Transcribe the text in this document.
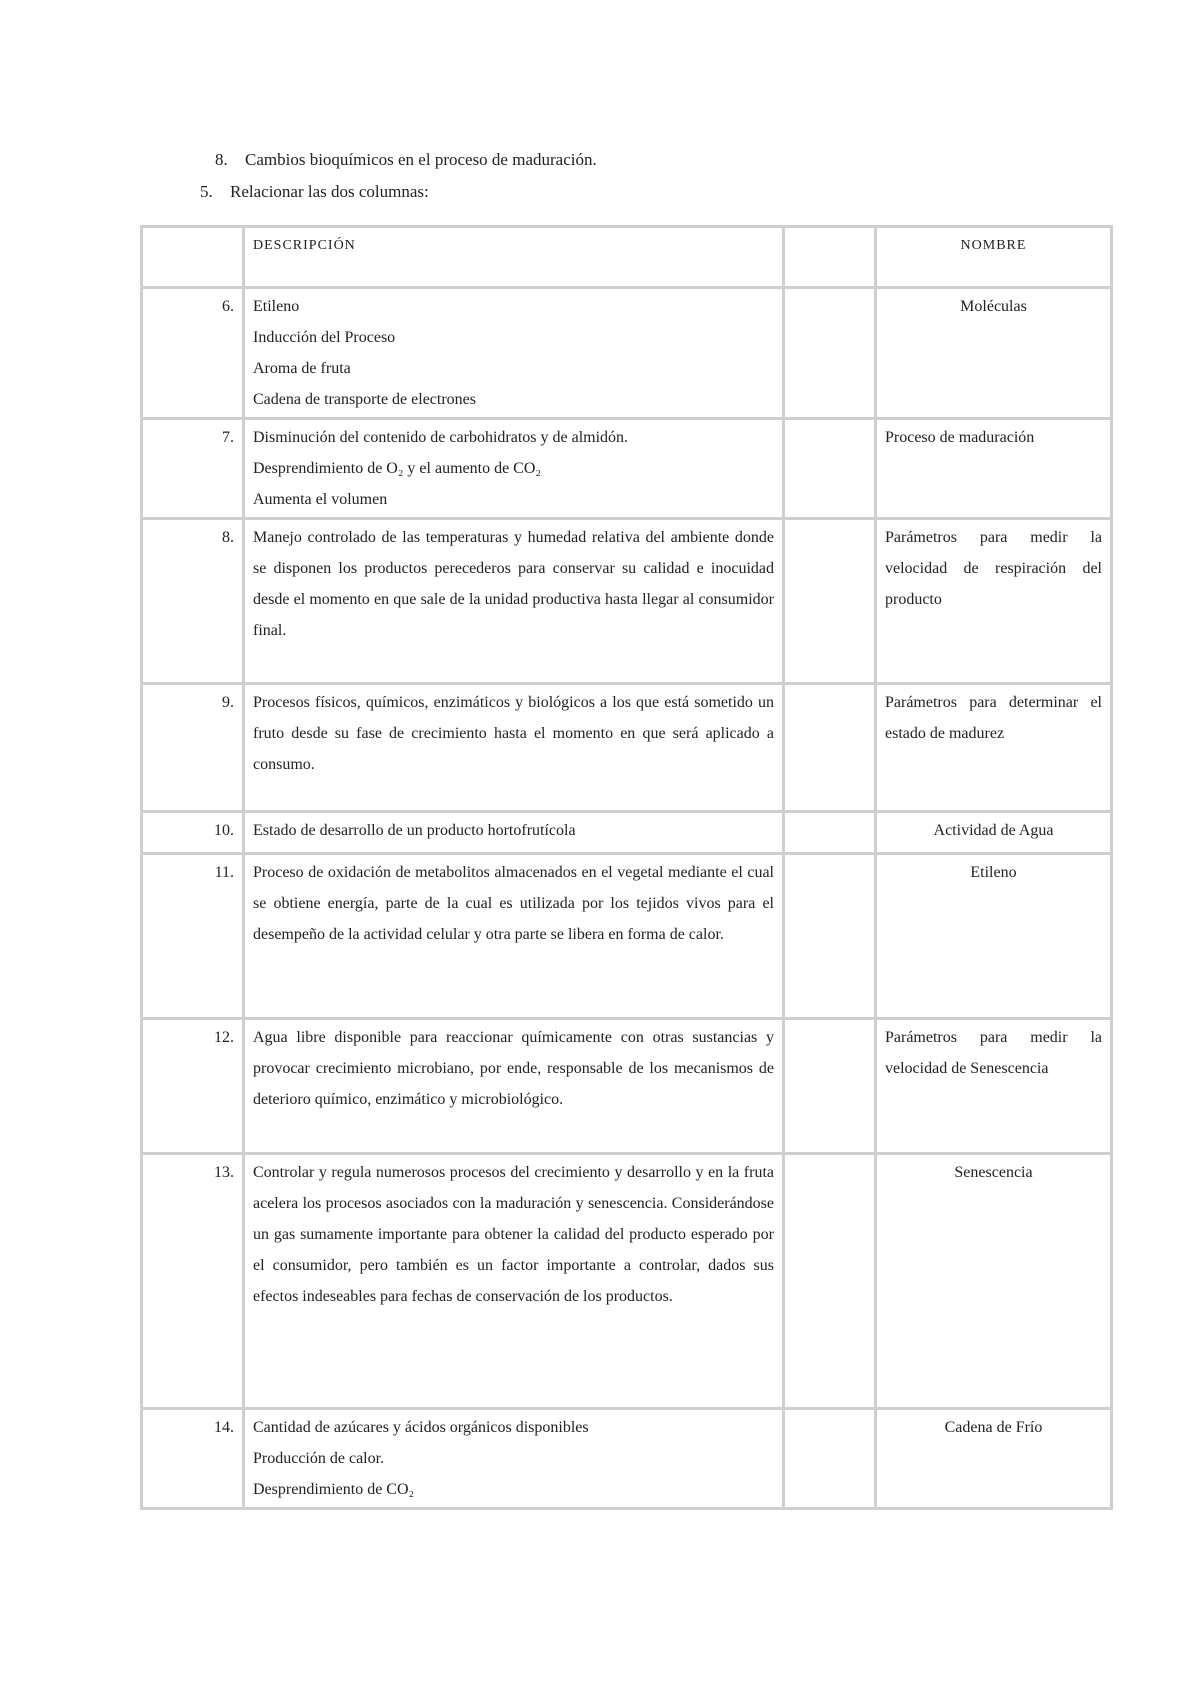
8. Cambios bioquímicos en el proceso de maduración.
5. Relacionar las dos columnas:
	DESCRIPCIÓN		NOMBRE
6.	Etileno
Inducción del Proceso
Aroma de fruta
Cadena de transporte de electrones		Moléculas
7.	Disminución del contenido de carbohidratos y de almidón.
Desprendimiento de O₂ y el aumento de CO₂
Aumenta el volumen		Proceso de maduración
8.	Manejo controlado de las temperaturas y humedad relativa del ambiente donde se disponen los productos perecederos para conservar su calidad e inocuidad desde el momento en que sale de la unidad productiva hasta llegar al consumidor final.		Parámetros para medir la velocidad de respiración del producto
9.	Procesos físicos, químicos, enzimáticos y biológicos a los que está sometido un fruto desde su fase de crecimiento hasta el momento en que será aplicado a consumo.		Parámetros para determinar el estado de madurez
10.	Estado de desarrollo de un producto hortofrutícola		Actividad de Agua
11.	Proceso de oxidación de metabolitos almacenados en el vegetal mediante el cual se obtiene energía, parte de la cual es utilizada por los tejidos vivos para el desempeño de la actividad celular y otra parte se libera en forma de calor.		Etileno
12.	Agua libre disponible para reaccionar químicamente con otras sustancias y provocar crecimiento microbiano, por ende, responsable de los mecanismos de deterioro químico, enzimático y microbiológico.		Parámetros para medir la velocidad de Senescencia
13.	Controlar y regula numerosos procesos del crecimiento y desarrollo y en la fruta acelera los procesos asociados con la maduración y senescencia. Considerándose un gas sumamente importante para obtener la calidad del producto esperado por el consumidor, pero también es un factor importante a controlar, dados sus efectos indeseables para fechas de conservación de los productos.		Senescencia
14.	Cantidad de azúcares y ácidos orgánicos disponibles
Producción de calor.
Desprendimiento de CO₂		Cadena de Frío
